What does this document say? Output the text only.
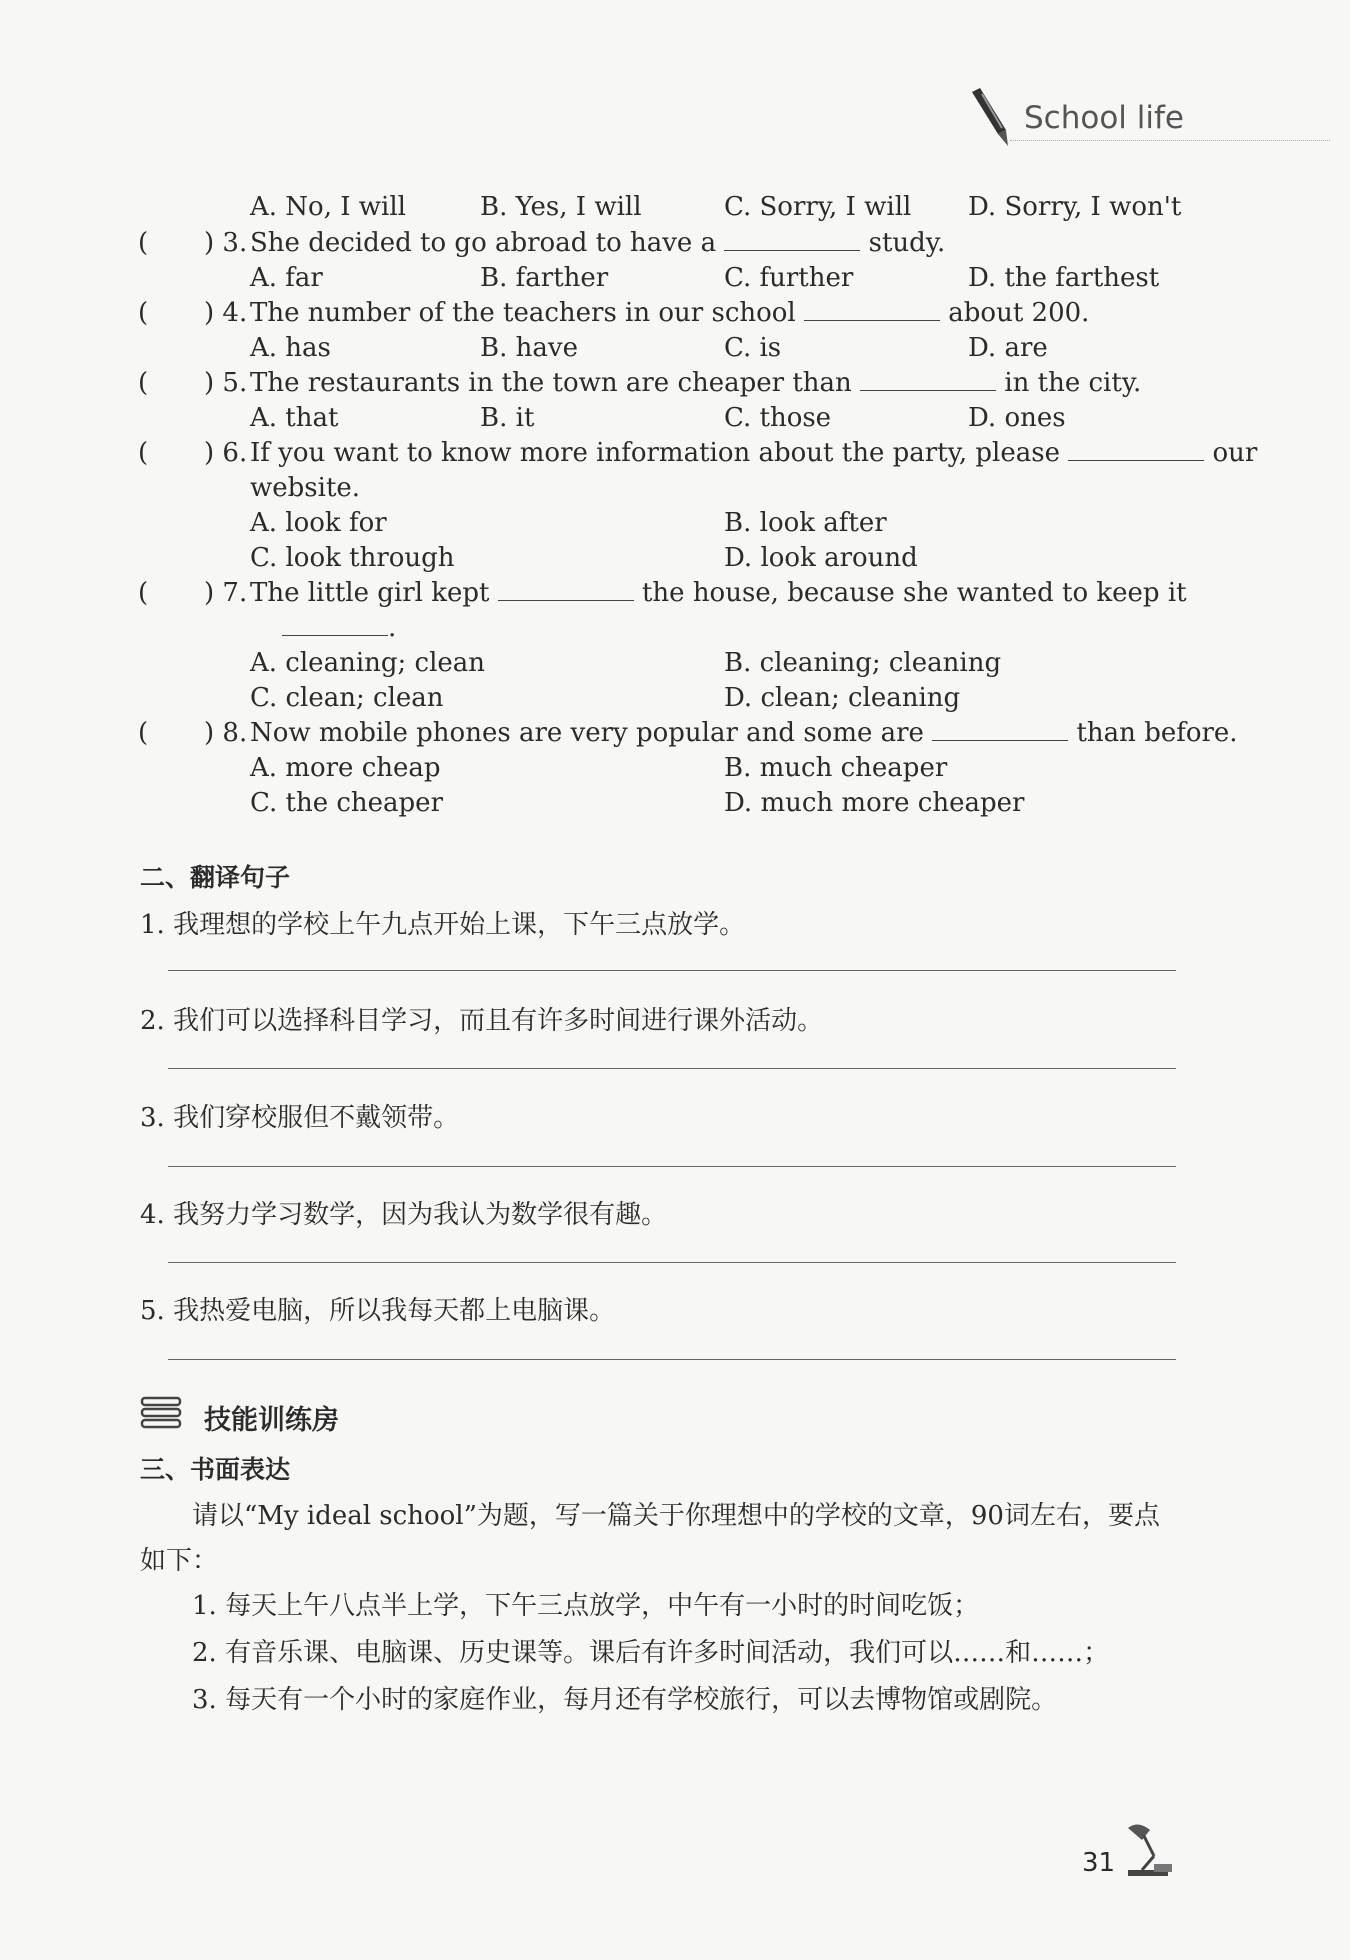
School life
A. No, I will	B. Yes, I will	C. Sorry, I will D. Sorry, I won't
( ) 3. She decided to go abroad to have a	study.
A. far	B. farther	C. further	D. the farthest
( ) 4. The number of the teachers in our school	about 200.
A. has	B. have	C. is	D. are
( ) 5. The restaurants in the town are cheaper than	in the city.
A. that	B. it	C. those	D. ones
( ) 6. If you want to know more information about the party, please	our
website.
A. look for	B. look after
C. look through	D. look around
( ) 7. The little girl kept	the house, because she wanted to keep it
.
A. cleaning; clean	B. cleaning; cleaning
C. clean; clean	D. clean; cleaning
( ) 8. Now mobile phones are very popular and some are	than before.
A. more cheap	B. much cheaper
C. the cheaper	D. much more cheaper
二、翻译句子
1. 我理想的学校上午九点开始上课，下午三点放学。
2. 我们可以选择科目学习，而且有许多时间进行课外活动。
3. 我们穿校服但不戴领带。
4. 我努力学习数学，因为我认为数学很有趣。
5. 我热爱电脑，所以我每天都上电脑课。
技能训练房
三、书面表达
请以“My ideal school”为题，写一篇关于你理想中的学校的文章，90词左右，要点
如下：
1. 每天上午八点半上学，下午三点放学，中午有一小时的时间吃饭；
2. 有音乐课、电脑课、历史课等。课后有许多时间活动，我们可以……和……；
3. 每天有一个小时的家庭作业，每月还有学校旅行，可以去博物馆或剧院。
31
